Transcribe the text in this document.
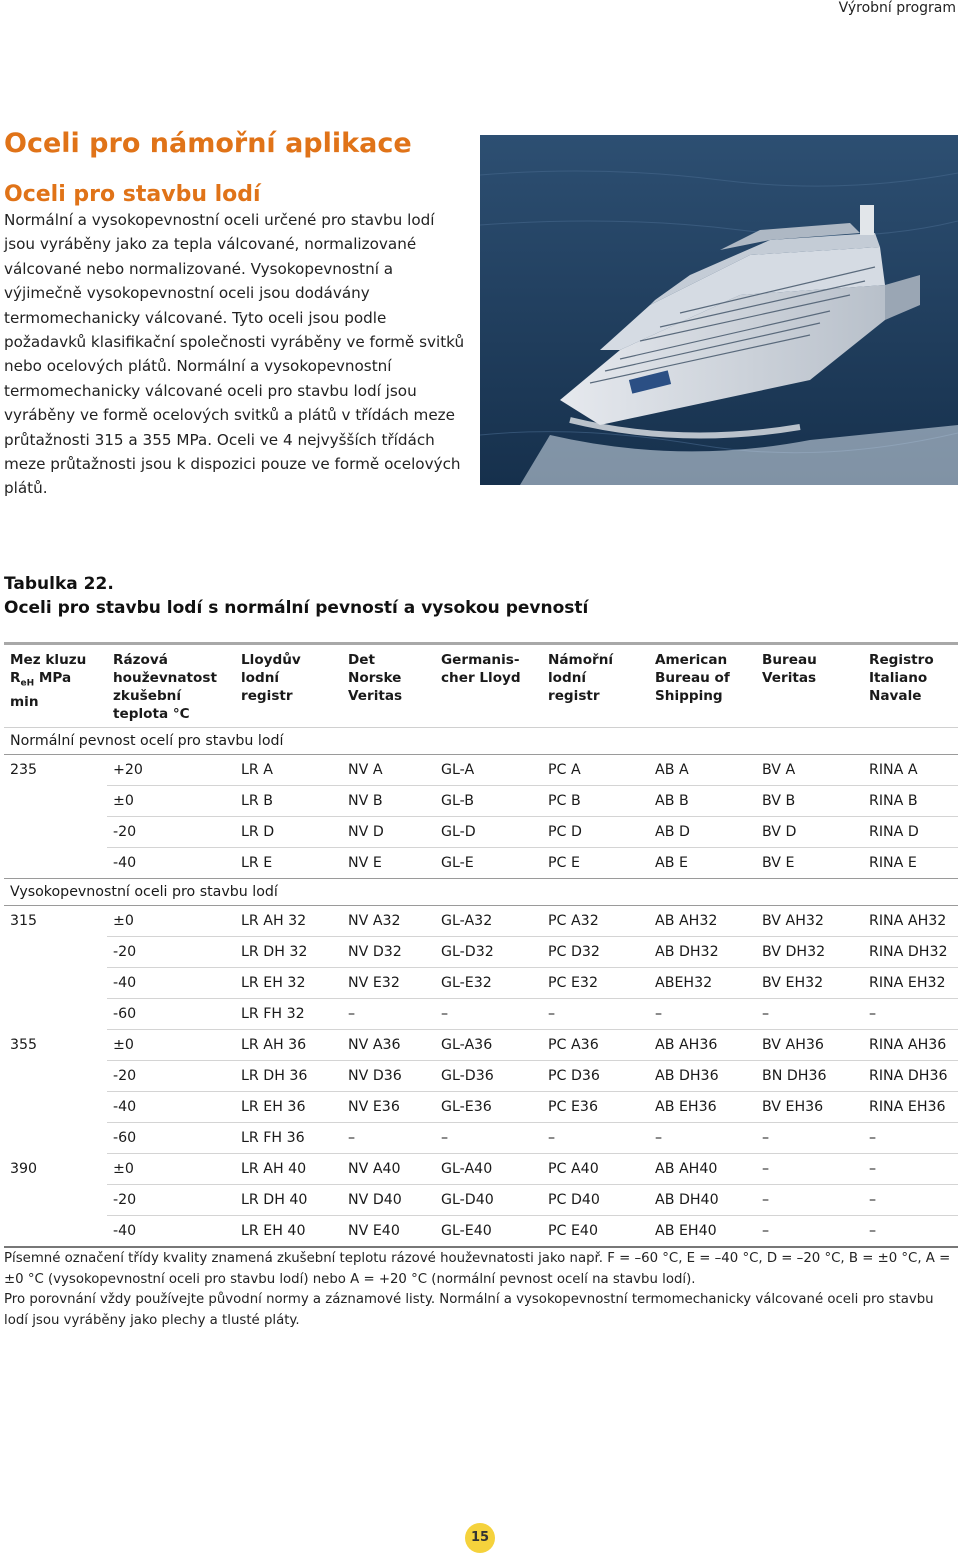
Výrobní program
Oceli pro námořní aplikace
Oceli pro stavbu lodí

Normální a vysokopevnostní oceli určené pro stavbu lodí jsou vyráběny jako za tepla válcované, normalizované válcované nebo normalizované. Vysokopevnostní a výjimečně vysokopevnostní oceli jsou dodávány termomechanicky válcované. Tyto oceli jsou podle požadavků klasifikační společnosti vyráběny ve formě svitků nebo ocelových plátů. Normální a vysokopevnostní termomechanicky válcované oceli pro stavbu lodí jsou vyráběny ve formě ocelových svitků a plátů v třídách meze průtažnosti 315 a 355 MPa. Oceli ve 4 nejvyšších třídách meze průtažnosti jsou k dispozici pouze ve formě ocelových plátů.

Tabulka 22.
Oceli pro stavbu lodí s normální pevností a vysokou pevností
Mez kluzu
$R_{eH}$ MPa
min	Rázová houževnatost zkušební teplota °C	Lloydův lodní registr	Det Norske Veritas	Germanis-cher Lloyd	Námořní lodní registr	American Bureau of Shipping	Bureau Veritas	Registro Italiano Navale
Normální pevnost ocelí pro stavbu lodí								
235	+20	LR A	NV A	GL-A	PC A	AB A	BV A	RINA A
	±0	LR B	NV B	GL-B	PC B	AB B	BV B	RINA B
	-20	LR D	NV D	GL-D	PC D	AB D	BV D	RINA D
	-40	LR E	NV E	GL-E	PC E	AB E	BV E	RINA E
Vysokopevnostní oceli pro stavbu lodí								
315	±0	LR AH 32	NV A32	GL-A32	PC A32	AB AH32	BV AH32	RINA AH32
	-20	LR DH 32	NV D32	GL-D32	PC D32	AB DH32	BV DH32	RINA DH32
	-40	LR EH 32	NV E32	GL-E32	PC E32	ABEH32	BV EH32	RINA EH32
	-60	LR FH 32	–	–	–	–	–	–
355	±0	LR AH 36	NV A36	GL-A36	PC A36	AB AH36	BV AH36	RINA AH36
	-20	LR DH 36	NV D36	GL-D36	PC D36	AB DH36	BN DH36	RINA DH36
	-40	LR EH 36	NV E36	GL-E36	PC E36	AB EH36	BV EH36	RINA EH36
	-60	LR FH 36	–	–	–	–	–	–
390	±0	LR AH 40	NV A40	GL-A40	PC A40	AB AH40	–	–
	-20	LR DH 40	NV D40	GL-D40	PC D40	AB DH40	–	–
	-40	LR EH 40	NV E40	GL-E40	PC E40	AB EH40	–	–

Písemné označení třídy kvality znamená zkušební teplotu rázové houževnatosti jako např. F = –60 °C, E = –40 °C, D = –20 °C, B = ±0 °C, A = ±0 °C (vysokopevnostní oceli pro stavbu lodí) nebo A = +20 °C (normální pevnost ocelí na stavbu lodí).

Pro porovnání vždy používejte původní normy a záznamové listy. Normální a vysokopevnostní termomechanicky válcované oceli pro stavbu lodí jsou vyráběny jako plechy a tlusté pláty.

15
